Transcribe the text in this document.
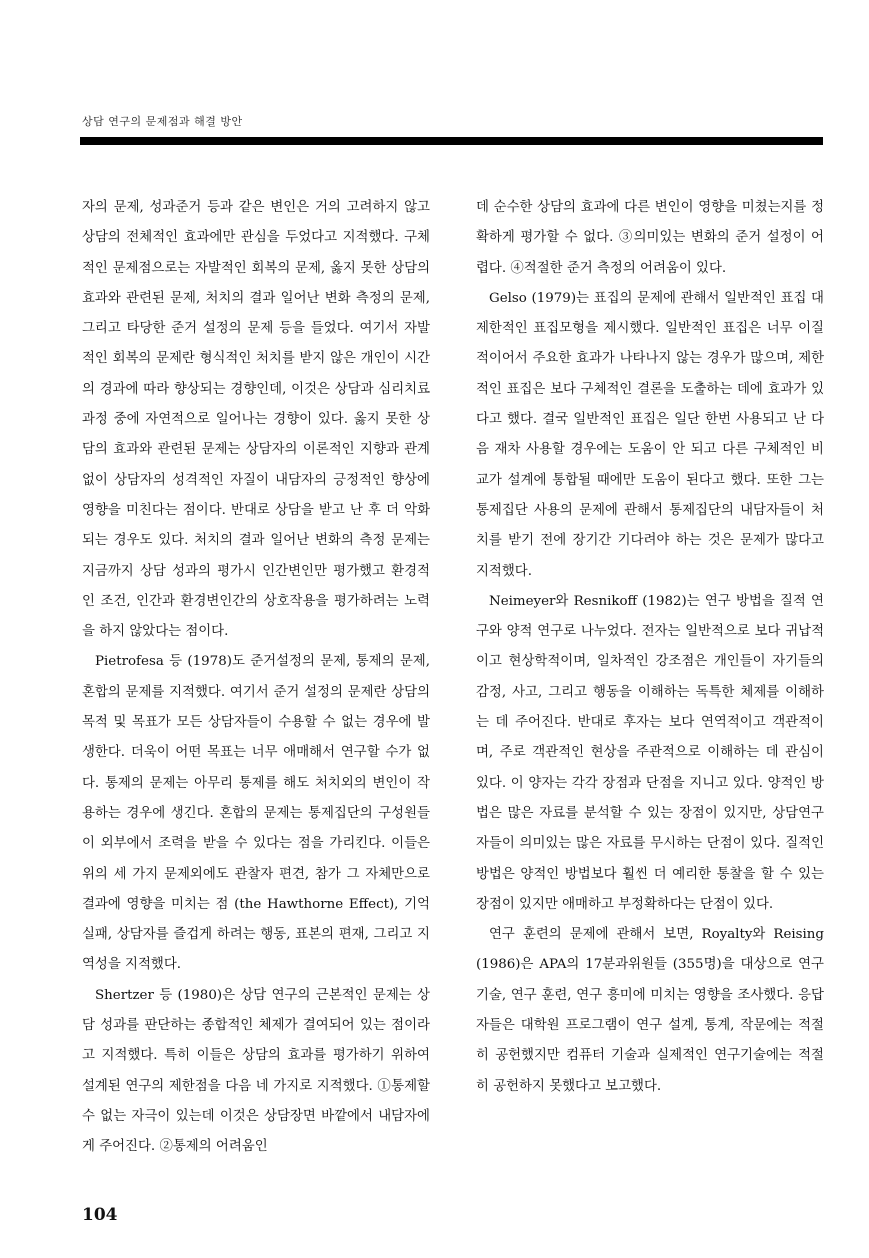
상담 연구의 문제점과 해결 방안

자의 문제, 성과준거 등과 같은 변인은 거의 고려하지 않고 상담의 전체적인 효과에만 관심을 두었다고 지적했다. 구체적인 문제점으로는 자발적인 회복의 문제, 옳지 못한 상담의 효과와 관련된 문제, 처치의 결과 일어난 변화 측정의 문제, 그리고 타당한 준거 설정의 문제 등을 들었다. 여기서 자발적인 회복의 문제란 형식적인 처치를 받지 않은 개인이 시간의 경과에 따라 향상되는 경향인데, 이것은 상담과 심리치료 과정 중에 자연적으로 일어나는 경향이 있다. 옳지 못한 상담의 효과와 관련된 문제는 상담자의 이론적인 지향과 관계없이 상담자의 성격적인 자질이 내담자의 긍정적인 향상에 영향을 미친다는 점이다. 반대로 상담을 받고 난 후 더 악화되는 경우도 있다. 처치의 결과 일어난 변화의 측정 문제는 지금까지 상담 성과의 평가시 인간변인만 평가했고 환경적인 조건, 인간과 환경변인간의 상호작용을 평가하려는 노력을 하지 않았다는 점이다.

Pietrofesa 등 (1978)도 준거설정의 문제, 통제의 문제, 혼합의 문제를 지적했다. 여기서 준거 설정의 문제란 상담의 목적 및 목표가 모든 상담자들이 수용할 수 없는 경우에 발생한다. 더욱이 어떤 목표는 너무 애매해서 연구할 수가 없다. 통제의 문제는 아무리 통제를 해도 처치외의 변인이 작용하는 경우에 생긴다. 혼합의 문제는 통제집단의 구성원들이 외부에서 조력을 받을 수 있다는 점을 가리킨다. 이들은 위의 세 가지 문제외에도 관찰자 편견, 참가 그 자체만으로 결과에 영향을 미치는 점 (the Hawthorne Effect), 기억 실패, 상담자를 즐겁게 하려는 행동, 표본의 편재, 그리고 지역성을 지적했다.

Shertzer 등 (1980)은 상담 연구의 근본적인 문제는 상담 성과를 판단하는 종합적인 체제가 결여되어 있는 점이라고 지적했다. 특히 이들은 상담의 효과를 평가하기 위하여 설계된 연구의 제한점을 다음 네 가지로 지적했다. ①통제할 수 없는 자극이 있는데 이것은 상담장면 바깥에서 내담자에게 주어진다. ②통제의 어려움인

데 순수한 상담의 효과에 다른 변인이 영향을 미쳤는지를 정확하게 평가할 수 없다. ③의미있는 변화의 준거 설정이 어렵다. ④적절한 준거 측정의 어려움이 있다.

Gelso (1979)는 표집의 문제에 관해서 일반적인 표집 대 제한적인 표집모형을 제시했다. 일반적인 표집은 너무 이질적이어서 주요한 효과가 나타나지 않는 경우가 많으며, 제한적인 표집은 보다 구체적인 결론을 도출하는 데에 효과가 있다고 했다. 결국 일반적인 표집은 일단 한번 사용되고 난 다음 재차 사용할 경우에는 도움이 안 되고 다른 구체적인 비교가 설계에 통합될 때에만 도움이 된다고 했다. 또한 그는 통제집단 사용의 문제에 관해서 통제집단의 내담자들이 처치를 받기 전에 장기간 기다려야 하는 것은 문제가 많다고 지적했다.

Neimeyer와 Resnikoff (1982)는 연구 방법을 질적 연구와 양적 연구로 나누었다. 전자는 일반적으로 보다 귀납적이고 현상학적이며, 일차적인 강조점은 개인들이 자기들의 감정, 사고, 그리고 행동을 이해하는 독특한 체제를 이해하는 데 주어진다. 반대로 후자는 보다 연역적이고 객관적이며, 주로 객관적인 현상을 주관적으로 이해하는 데 관심이 있다. 이 양자는 각각 장점과 단점을 지니고 있다. 양적인 방법은 많은 자료를 분석할 수 있는 장점이 있지만, 상담연구자들이 의미있는 많은 자료를 무시하는 단점이 있다. 질적인 방법은 양적인 방법보다 훨씬 더 예리한 통찰을 할 수 있는 장점이 있지만 애매하고 부정확하다는 단점이 있다.

연구 훈련의 문제에 관해서 보면, Royalty와 Reising (1986)은 APA의 17분과위원들 (355명)을 대상으로 연구 기술, 연구 훈련, 연구 흥미에 미치는 영향을 조사했다. 응답자들은 대학원 프로그램이 연구 설계, 통계, 작문에는 적절히 공헌했지만 컴퓨터 기술과 실제적인 연구기술에는 적절히 공헌하지 못했다고 보고했다.

104
